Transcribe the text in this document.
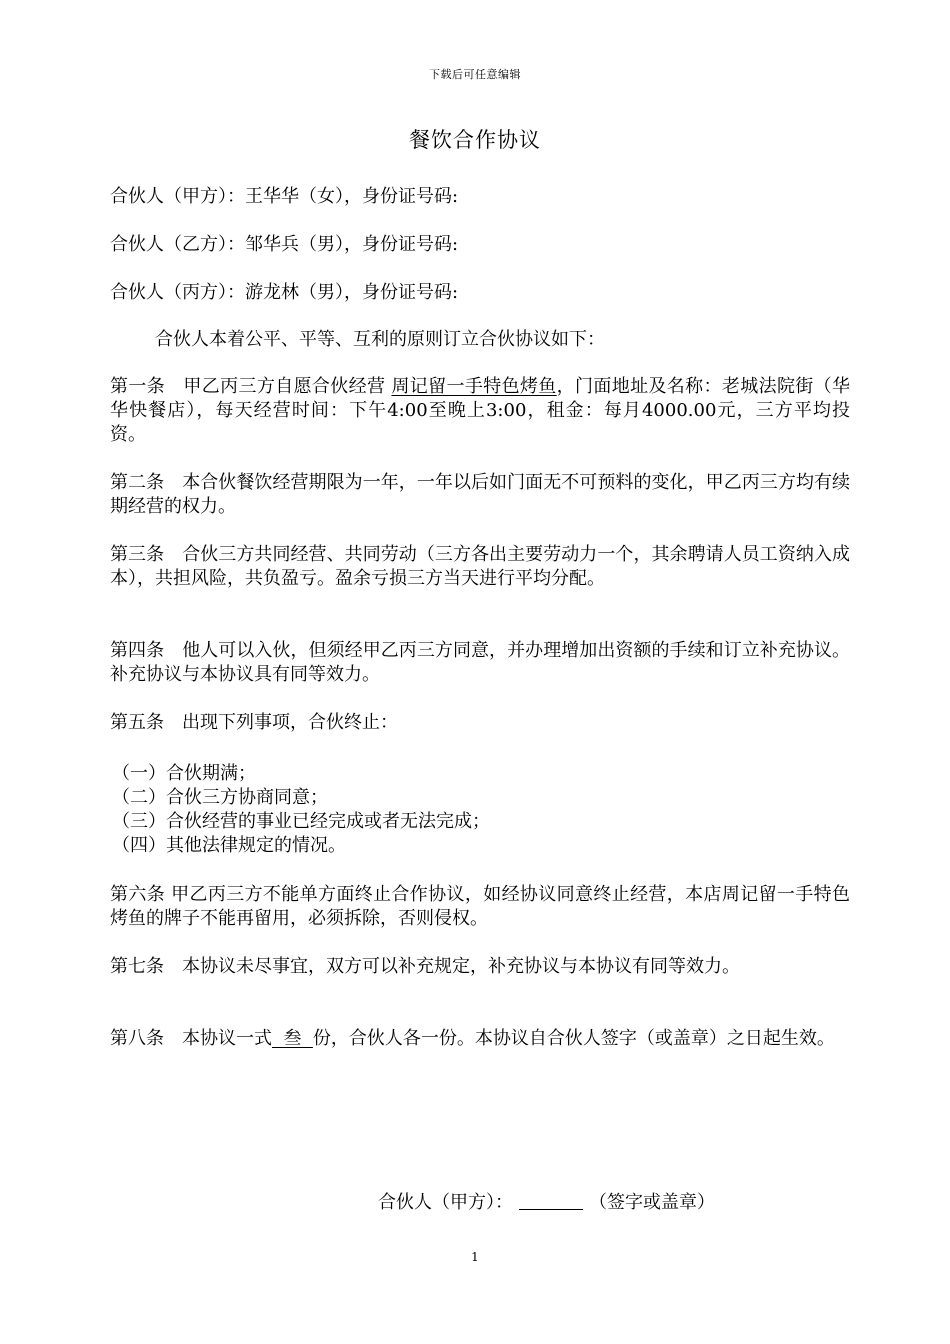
下载后可任意编辑
餐饮合作协议
合伙人（甲方）：王华华（女），身份证号码:
合伙人（乙方）：邹华兵（男），身份证号码:
合伙人（丙方）：游龙林（男），身份证号码:
合伙人本着公平、平等、互利的原则订立合伙协议如下：
第一条　甲乙丙三方自愿合伙经营 周记留一手特色烤鱼，门面地址及名称：老城法院街（华华快餐店），每天经营时间：下午4:00至晚上3:00，租金：每月4000.00元，三方平均投资。
第二条　本合伙餐饮经营期限为一年，一年以后如门面无不可预料的变化，甲乙丙三方均有续期经营的权力。
第三条　合伙三方共同经营、共同劳动（三方各出主要劳动力一个，其余聘请人员工资纳入成本），共担风险，共负盈亏。盈余亏损三方当天进行平均分配。
第四条　他人可以入伙，但须经甲乙丙三方同意，并办理增加出资额的手续和订立补充协议。补充协议与本协议具有同等效力。
第五条　出现下列事项，合伙终止：
（一）合伙期满；
（二）合伙三方协商同意；
（三）合伙经营的事业已经完成或者无法完成；
（四）其他法律规定的情况。
第六条 甲乙丙三方不能单方面终止合作协议，如经协议同意终止经营，本店周记留一手特色烤鱼的牌子不能再留用，必须拆除，否则侵权。
第七条　本协议未尽事宜，双方可以补充规定，补充协议与本协议有同等效力。
第八条　本协议一式 叁 份，合伙人各一份。本协议自合伙人签字（或盖章）之日起生效。
合伙人（甲方）：	（签字或盖章）
1
